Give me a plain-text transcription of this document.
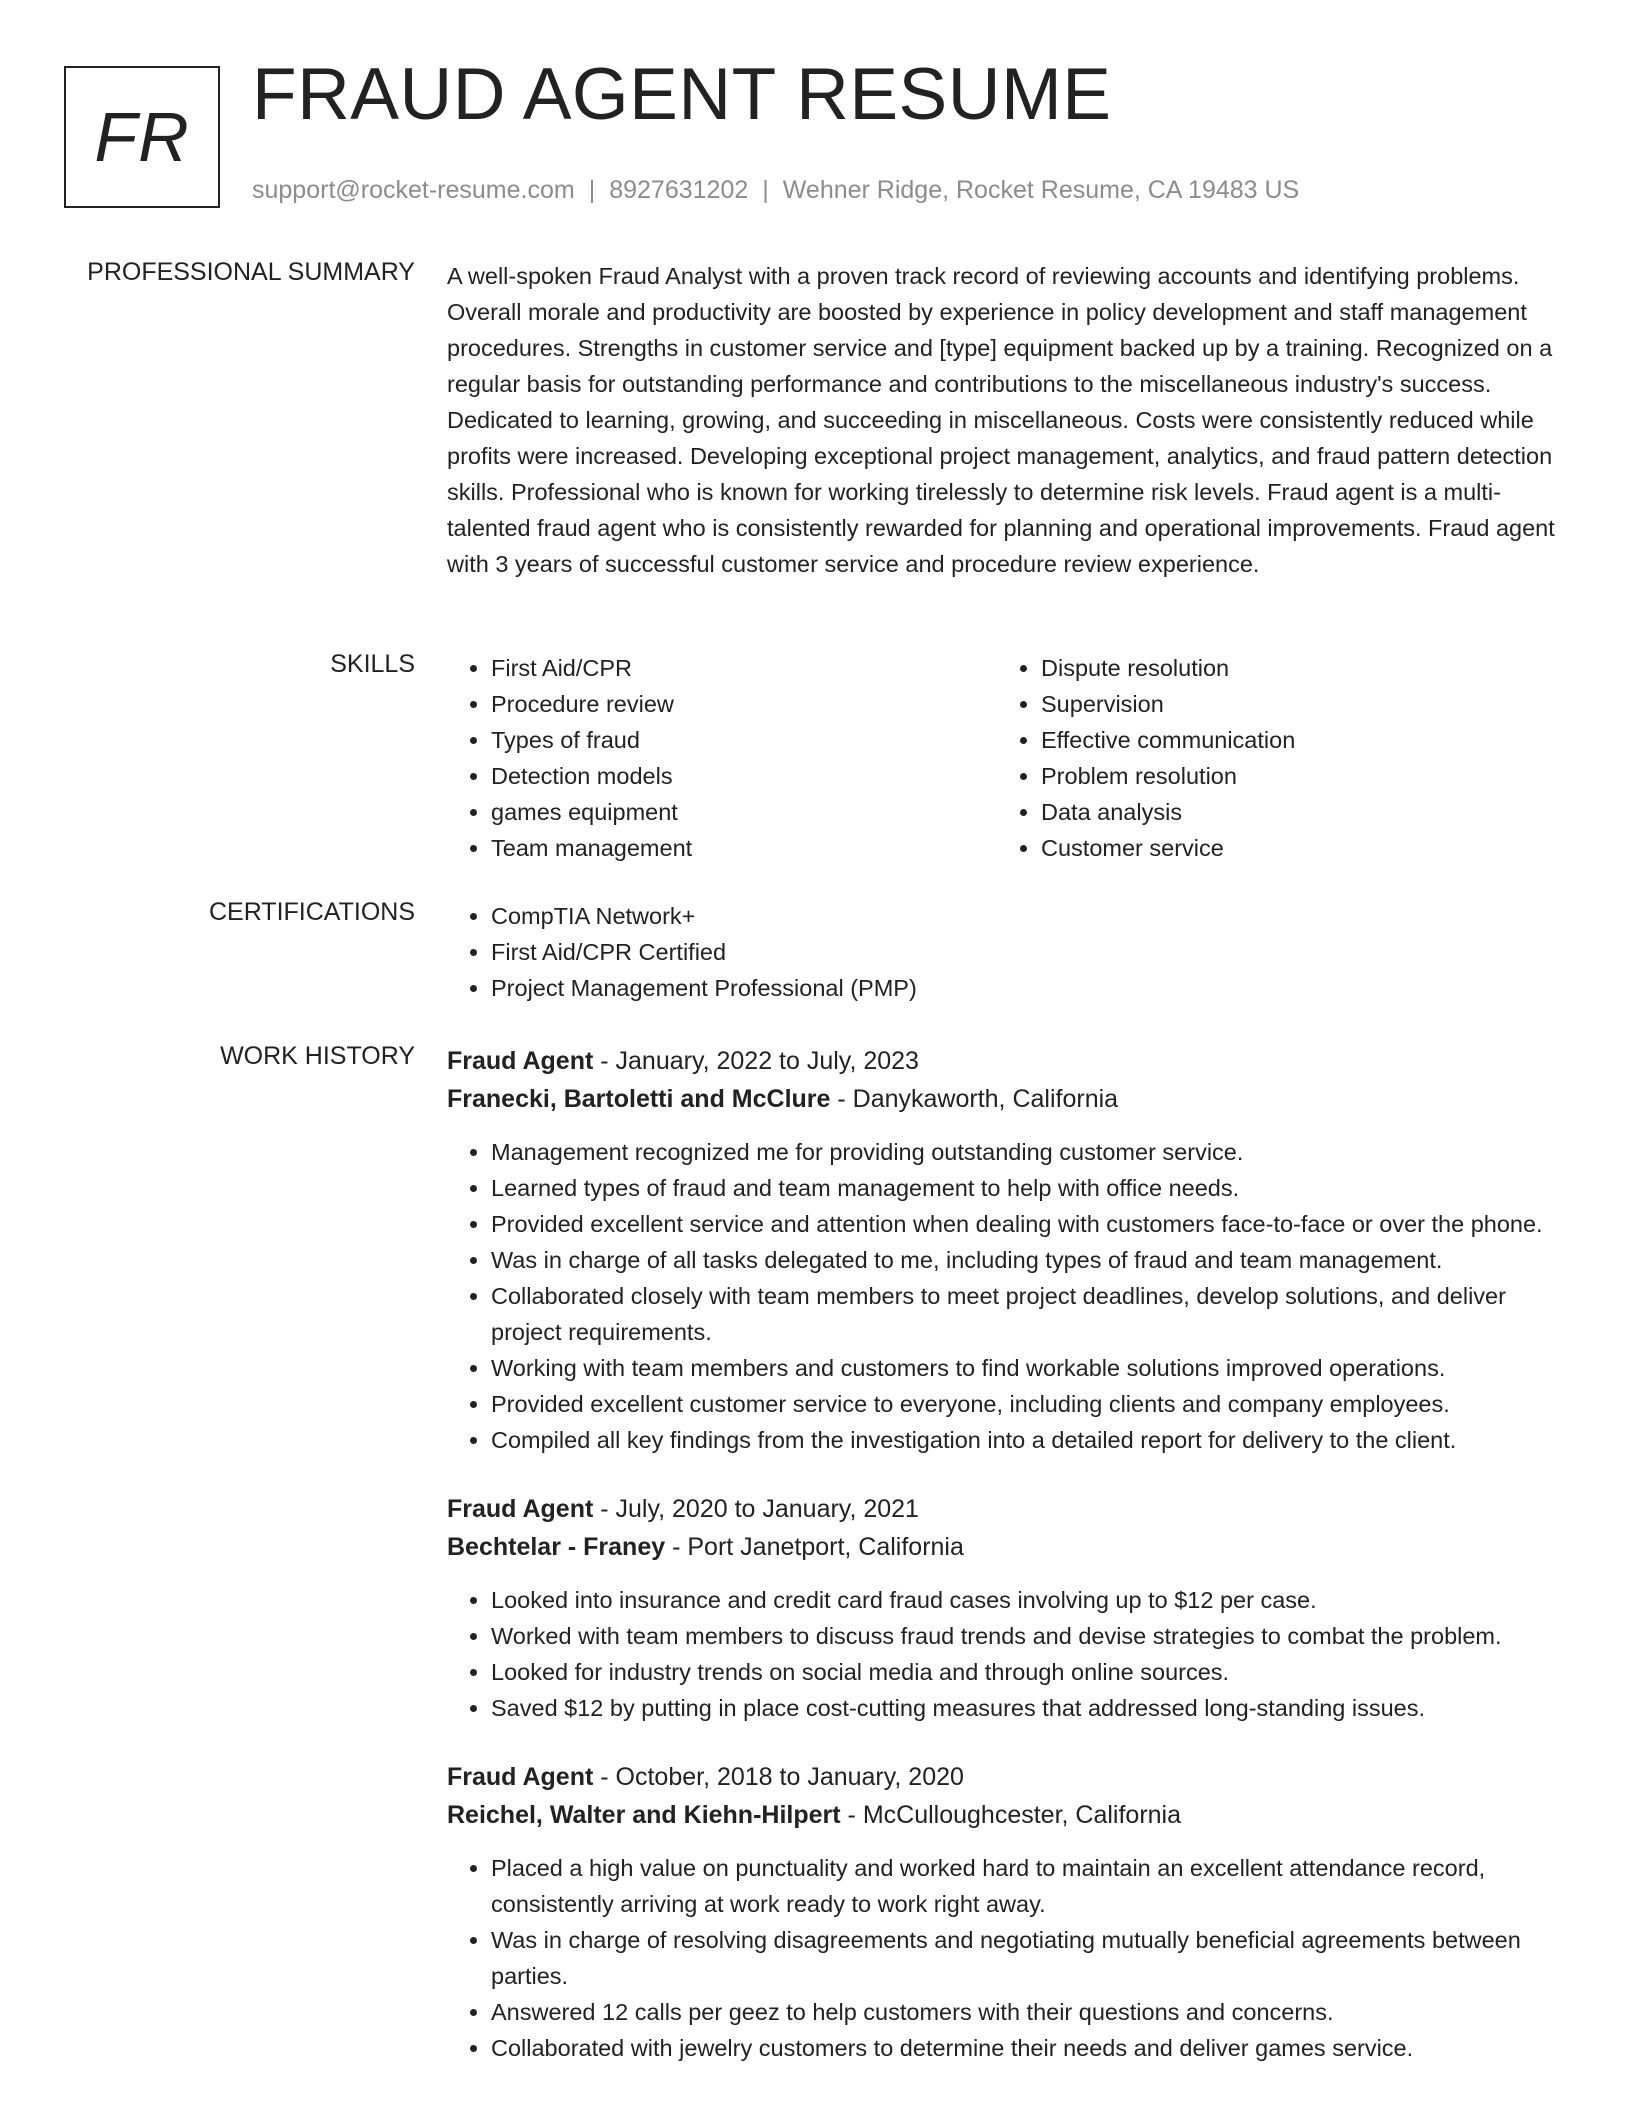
FR
FRAUD AGENT RESUME
support@rocket-resume.com | 8927631202 | Wehner Ridge, Rocket Resume, CA 19483 US
PROFESSIONAL SUMMARY A well-spoken Fraud Analyst with a proven track record of reviewing accounts and identifying problems. Overall morale and productivity are boosted by experience in policy development and staff management procedures. Strengths in customer service and [type] equipment backed up by a training. Recognized on a regular basis for outstanding performance and contributions to the miscellaneous industry's success. Dedicated to learning, growing, and succeeding in miscellaneous. Costs were consistently reduced while profits were increased. Developing exceptional project management, analytics, and fraud pattern detection skills. Professional who is known for working tirelessly to determine risk levels. Fraud agent is a multi-talented fraud agent who is consistently rewarded for planning and operational improvements. Fraud agent with 3 years of successful customer service and procedure review experience.

SKILLS	• First Aid/CPR
• Procedure review
• Types of fraud
• Detection models
• games equipment
• Team management
• Dispute resolution
• Supervision
• Effective communication
• Problem resolution
• Data analysis
• Customer service
CERTIFICATIONS	• CompTIA Network+
• First Aid/CPR Certified
• Project Management Professional (PMP)
WORK HISTORY Fraud Agent - January, 2022 to July, 2023
Franecki, Bartoletti and McClure - Danykaworth, California
• Management recognized me for providing outstanding customer service.
• Learned types of fraud and team management to help with office needs.
• Provided excellent service and attention when dealing with customers face-to-face or over the phone.
• Was in charge of all tasks delegated to me, including types of fraud and team management.
• Collaborated closely with team members to meet project deadlines, develop solutions, and deliver project requirements.
• Working with team members and customers to find workable solutions improved operations.
• Provided excellent customer service to everyone, including clients and company employees.
• Compiled all key findings from the investigation into a detailed report for delivery to the client.
Fraud Agent - July, 2020 to January, 2021
Bechtelar - Franey - Port Janetport, California
• Looked into insurance and credit card fraud cases involving up to $12 per case.
• Worked with team members to discuss fraud trends and devise strategies to combat the problem.
• Looked for industry trends on social media and through online sources.
• Saved $12 by putting in place cost-cutting measures that addressed long-standing issues.
Fraud Agent - October, 2018 to January, 2020
Reichel, Walter and Kiehn-Hilpert - McCulloughcester, California
• Placed a high value on punctuality and worked hard to maintain an excellent attendance record, consistently arriving at work ready to work right away.
• Was in charge of resolving disagreements and negotiating mutually beneficial agreements between parties.
• Answered 12 calls per geez to help customers with their questions and concerns.
• Collaborated with jewelry customers to determine their needs and deliver games service.
